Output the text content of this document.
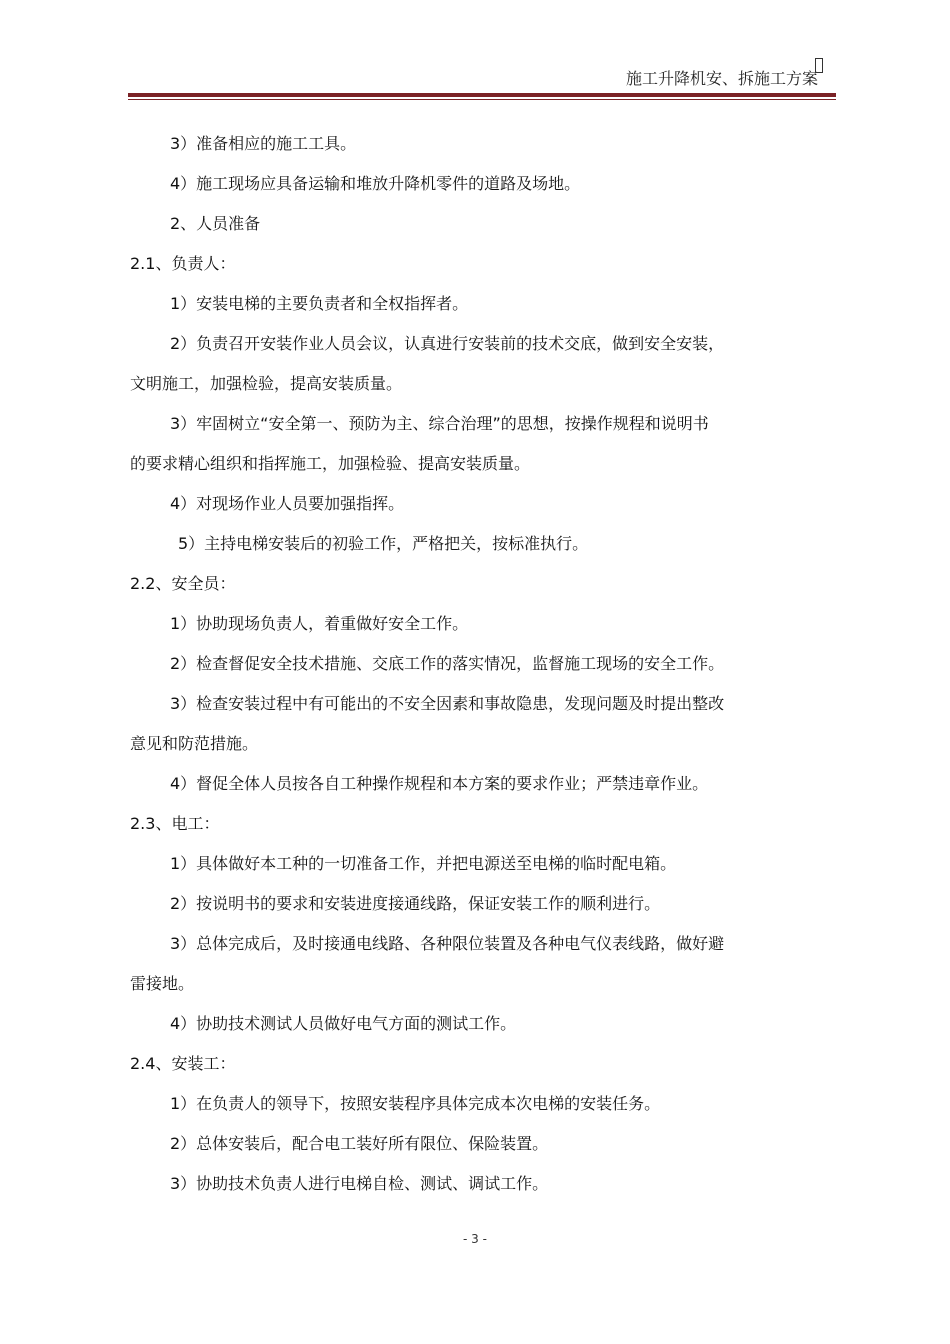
施工升降机安、拆施工方案
3）准备相应的施工工具。
4）施工现场应具备运输和堆放升降机零件的道路及场地。
2、人员准备
2.1、负责人：
1）安装电梯的主要负责者和全权指挥者。
2）负责召开安装作业人员会议，认真进行安装前的技术交底，做到安全安装，
文明施工，加强检验，提高安装质量。
3）牢固树立“安全第一、预防为主、综合治理”的思想，按操作规程和说明书
的要求精心组织和指挥施工，加强检验、提高安装质量。
4）对现场作业人员要加强指挥。
5）主持电梯安装后的初验工作，严格把关，按标准执行。
2.2、安全员：
1）协助现场负责人，着重做好安全工作。
2）检查督促安全技术措施、交底工作的落实情况，监督施工现场的安全工作。
3）检查安装过程中有可能出的不安全因素和事故隐患，发现问题及时提出整改
意见和防范措施。
4）督促全体人员按各自工种操作规程和本方案的要求作业；严禁违章作业。
2.3、电工：
1）具体做好本工种的一切准备工作，并把电源送至电梯的临时配电箱。
2）按说明书的要求和安装进度接通线路，保证安装工作的顺利进行。
3）总体完成后，及时接通电线路、各种限位装置及各种电气仪表线路，做好避
雷接地。
4）协助技术测试人员做好电气方面的测试工作。
2.4、安装工：
1）在负责人的领导下，按照安装程序具体完成本次电梯的安装任务。
2）总体安装后，配合电工装好所有限位、保险装置。
3）协助技术负责人进行电梯自检、测试、调试工作。
- 3 -
